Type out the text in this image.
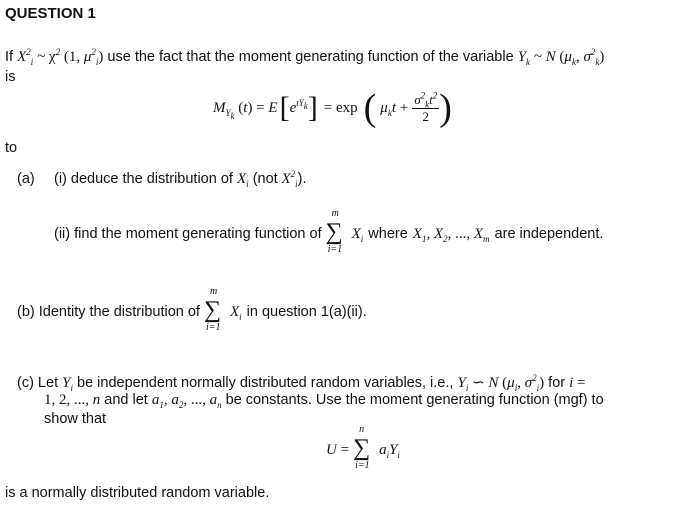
QUESTION 1
If $X^2_i$ ~ $\chi^2$ (1, $\mu^2_i$) use the fact that the moment generating function of the variable $Y_k$ ~ N ($\mu_k$, $\sigma^2_k$)
is
$M_{Y_k}$ (t) = E [ $e^{tY_k}$ ] = exp ( $\mu_kt + \frac{\sigma^2_kt^2}{2}$ )
to
(a) (i) deduce the distribution of $X_i$ (not $X^2_i$).
(ii) find the moment generating function of
m
∑
i=1
$X_i$ where $X_1$, $X_2$, ..., $X_m$ are independent.
(b) Identity the distribution of
m
∑
i=1
$X_i$ in question 1(a)(ii).
(c) Let $Y_i$ be independent normally distributed random variables, i.e., $Y_i$ ∽ N ($\mu_i$, $\sigma^2_i$) for i =
1, 2, ..., n and let $a_1$, $a_2$, ..., $a_n$ be constants. Use the moment generating function (mgf) to
show that
U =
n
∑
i=1
$a_iY_i$
is a normally distributed random variable.
